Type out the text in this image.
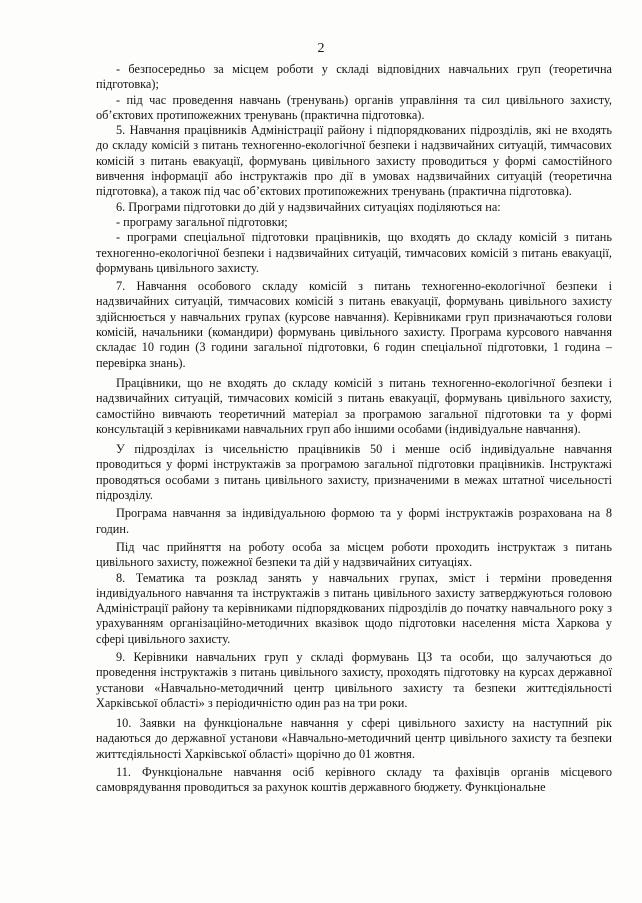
2

- безпосередньо за місцем роботи у складі відповідних навчальних груп (теоретична підготовка);

- під час проведення навчань (тренувань) органів управління та сил цивільного захисту, об’єктових протипожежних тренувань (практична підготовка).

5. Навчання працівників Адміністрації району і підпорядкованих підрозділів, які не входять до складу комісій з питань техногенно-екологічної безпеки і надзвичайних ситуацій, тимчасових комісій з питань евакуації, формувань цивільного захисту проводиться у формі самостійного вивчення інформації або інструктажів про дії в умовах надзвичайних ситуацій (теоретична підготовка), а також під час об’єктових протипожежних тренувань (практична підготовка).

6. Програми підготовки до дій у надзвичайних ситуаціях поділяються на:

- програму загальної підготовки;

- програми спеціальної підготовки працівників, що входять до складу комісій з питань техногенно-екологічної безпеки і надзвичайних ситуацій, тимчасових комісій з питань евакуації, формувань цивільного захисту.

7. Навчання особового складу комісій з питань техногенно-екологічної безпеки і надзвичайних ситуацій, тимчасових комісій з питань евакуації, формувань цивільного захисту здійснюється у навчальних групах (курсове навчання). Керівниками груп призначаються голови комісій, начальники (командири) формувань цивільного захисту. Програма курсового навчання складає 10 годин (3 години загальної підготовки, 6 годин спеціальної підготовки, 1 година – перевірка знань).

Працівники, що не входять до складу комісій з питань техногенно-екологічної безпеки і надзвичайних ситуацій, тимчасових комісій з питань евакуації, формувань цивільного захисту, самостійно вивчають теоретичний матеріал за програмою загальної підготовки та у формі консультацій з керівниками навчальних груп або іншими особами (індивідуальне навчання).

У підрозділах із чисельністю працівників 50 і менше осіб індивідуальне навчання проводиться у формі інструктажів за програмою загальної підготовки працівників. Інструктажі проводяться особами з питань цивільного захисту, призначеними в межах штатної чисельності підрозділу.

Програма навчання за індивідуальною формою та у формі інструктажів розрахована на 8 годин.

Під час прийняття на роботу особа за місцем роботи проходить інструктаж з питань цивільного захисту, пожежної безпеки та дій у надзвичайних ситуаціях.

8. Тематика та розклад занять у навчальних групах, зміст і терміни проведення індивідуального навчання та інструктажів з питань цивільного захисту затверджуються головою Адміністрації району та керівниками підпорядкованих підрозділів до початку навчального року з урахуванням організаційно-методичних вказівок щодо підготовки населення міста Харкова у сфері цивільного захисту.

9. Керівники навчальних груп у складі формувань ЦЗ та особи, що залучаються до проведення інструктажів з питань цивільного захисту, проходять підготовку на курсах державної установи «Навчально-методичний центр цивільного захисту та безпеки життєдіяльності Харківської області» з періодичністю один раз на три роки.

10. Заявки на функціональне навчання у сфері цивільного захисту на наступний рік надаються до державної установи «Навчально-методичний центр цивільного захисту та безпеки життєдіяльності Харківської області» щорічно до 01 жовтня.

11. Функціональне навчання осіб керівного складу та фахівців органів місцевого самоврядування проводиться за рахунок коштів державного бюджету. Функціональне
